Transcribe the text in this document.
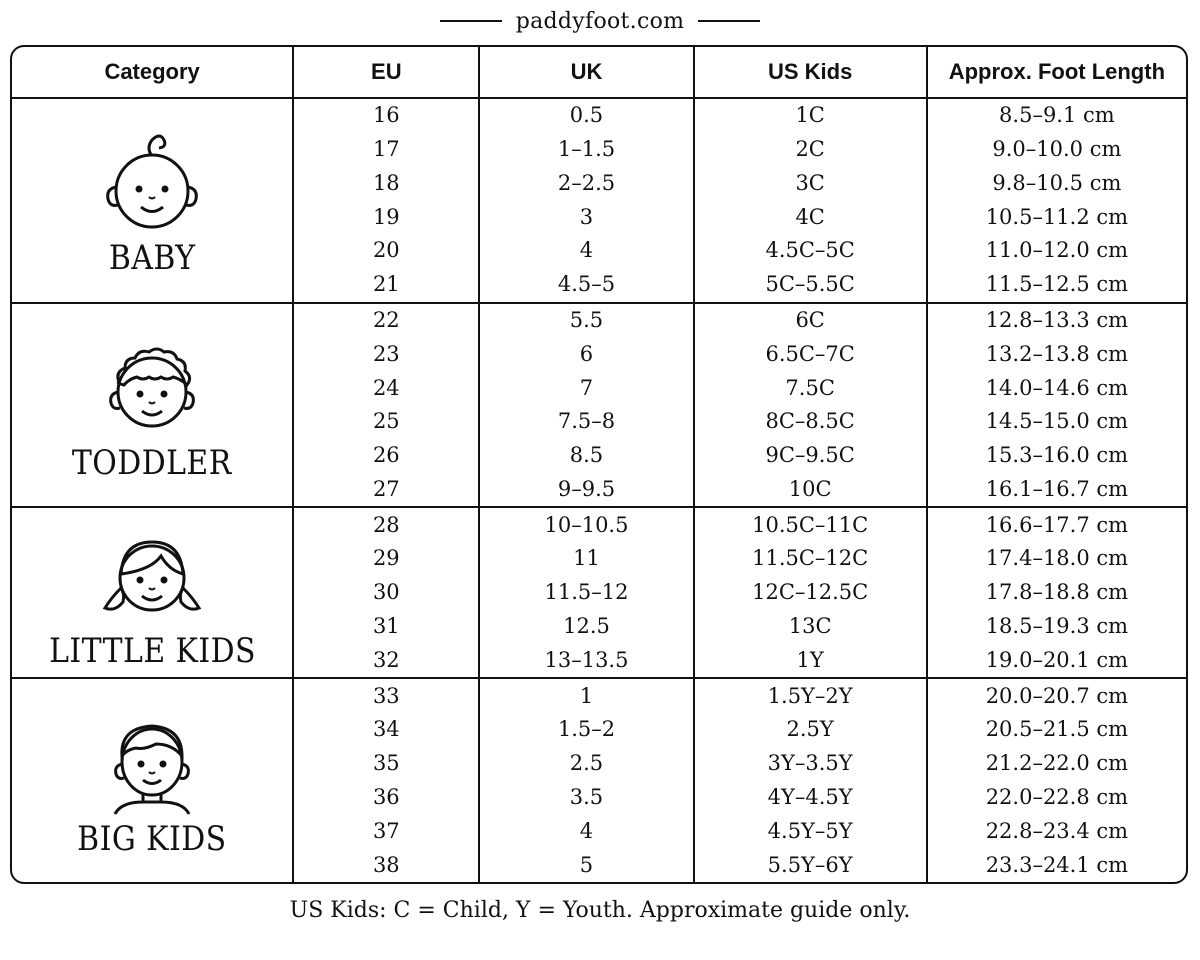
paddyfoot.com
Category	EU	UK	US Kids	Approx. Foot Length

BABY	16	0.5	1C	8.5–9.1 cm
	17	1–1.5	2C	9.0–10.0 cm
	18	2–2.5	3C	9.8–10.5 cm
	19	3	4C	10.5–11.2 cm
	20	4	4.5C–5C	11.0–12.0 cm
	21	4.5–5	5C–5.5C	11.5–12.5 cm

TODDLER	22	5.5	6C	12.8–13.3 cm
	23	6	6.5C–7C	13.2–13.8 cm
	24	7	7.5C	14.0–14.6 cm
	25	7.5–8	8C–8.5C	14.5–15.0 cm
	26	8.5	9C–9.5C	15.3–16.0 cm
	27	9–9.5	10C	16.1–16.7 cm

LITTLE KIDS	28	10–10.5	10.5C–11C	16.6–17.7 cm
	29	11	11.5C–12C	17.4–18.0 cm
	30	11.5–12	12C–12.5C	17.8–18.8 cm
	31	12.5	13C	18.5–19.3 cm
	32	13–13.5	1Y	19.0–20.1 cm

BIG KIDS	33	1	1.5Y–2Y	20.0–20.7 cm
	34	1.5–2	2.5Y	20.5–21.5 cm
	35	2.5	3Y–3.5Y	21.2–22.0 cm
	36	3.5	4Y–4.5Y	22.0–22.8 cm
	37	4	4.5Y–5Y	22.8–23.4 cm
	38	5	5.5Y–6Y	23.3–24.1 cm
US Kids: C = Child, Y = Youth. Approximate guide only.
